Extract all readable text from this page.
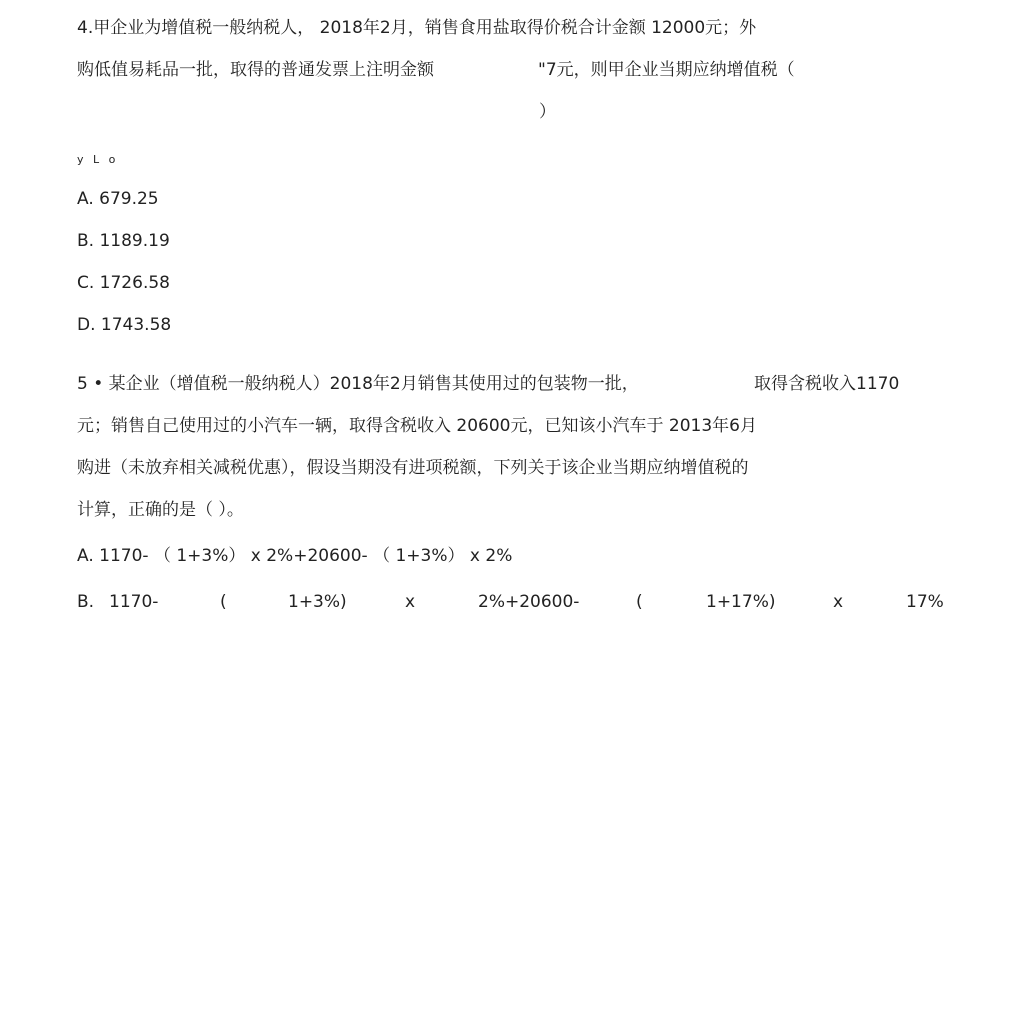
4.甲企业为增值税一般纳税人， 2018年2月，销售食用盐取得价税合计金额 12000元；外
购低值易耗品一批，取得的普通发票上注明金额	"7元，则甲企业当期应纳增值税（
）
y L o
A. 679.25
B. 1189.19
C. 1726.58
D. 1743.58
5 • 某企业（增值税一般纳税人）2018年2月销售其使用过的包装物一批，	取得含税收入1170
元；销售自己使用过的小汽车一辆，取得含税收入 20600元，已知该小汽车于 2013年6月
购进（未放弃相关减税优惠），假设当期没有进项税额，下列关于该企业当期应纳增值税的
计算，正确的是（ ）。
A. 1170- （ 1+3%） x 2%+20600- （ 1+3%） x 2%
B. 1170-	(	1+3%)	x	2%+20600-	(	1+17%)	x	17%
